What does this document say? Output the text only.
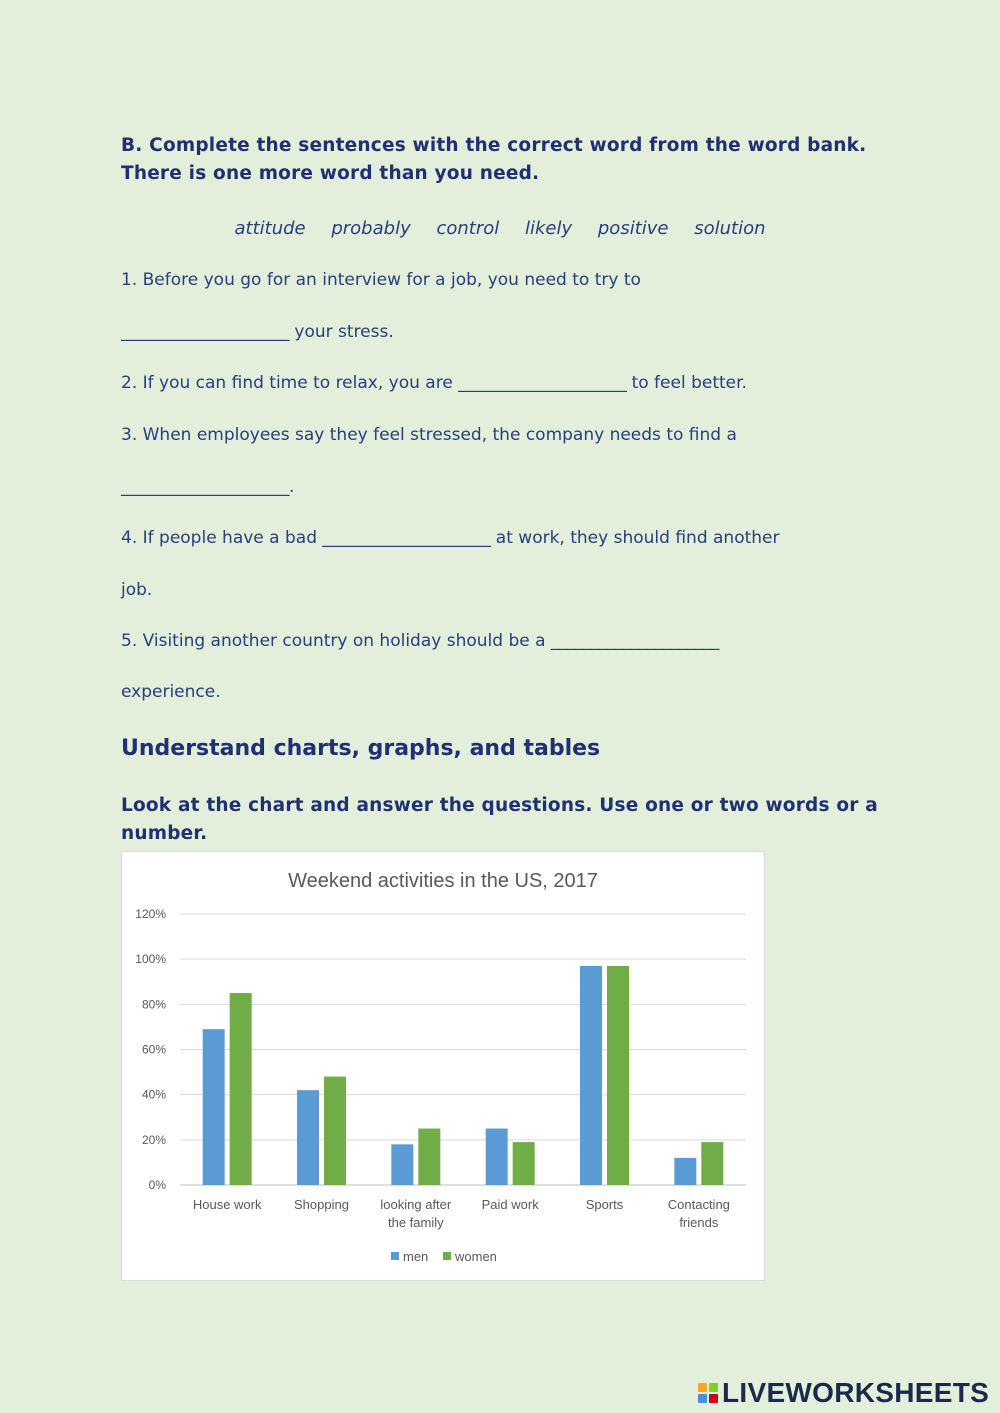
B. Complete the sentences with the correct word from the word bank.
There is one more word than you need.
attitude probably control likely positive solution
1. Before you go for an interview for a job, you need to try to
_____________________ your stress.
2. If you can find time to relax, you are _____________________ to feel better.
3. When employees say they feel stressed, the company needs to find a
_____________________.
4. If people have a bad _____________________ at work, they should find another
job.
5. Visiting another country on holiday should be a _____________________
experience.
Understand charts, graphs, and tables
Look at the chart and answer the questions. Use one or two words or a
number.
Weekend activities in the US, 2017
0%
20%
40%
60%
80%
100%
120%
House work	Shopping looking after
the family
Paid work	Sports	Contacting
friends
men women
LIVEWORKSHEETS
